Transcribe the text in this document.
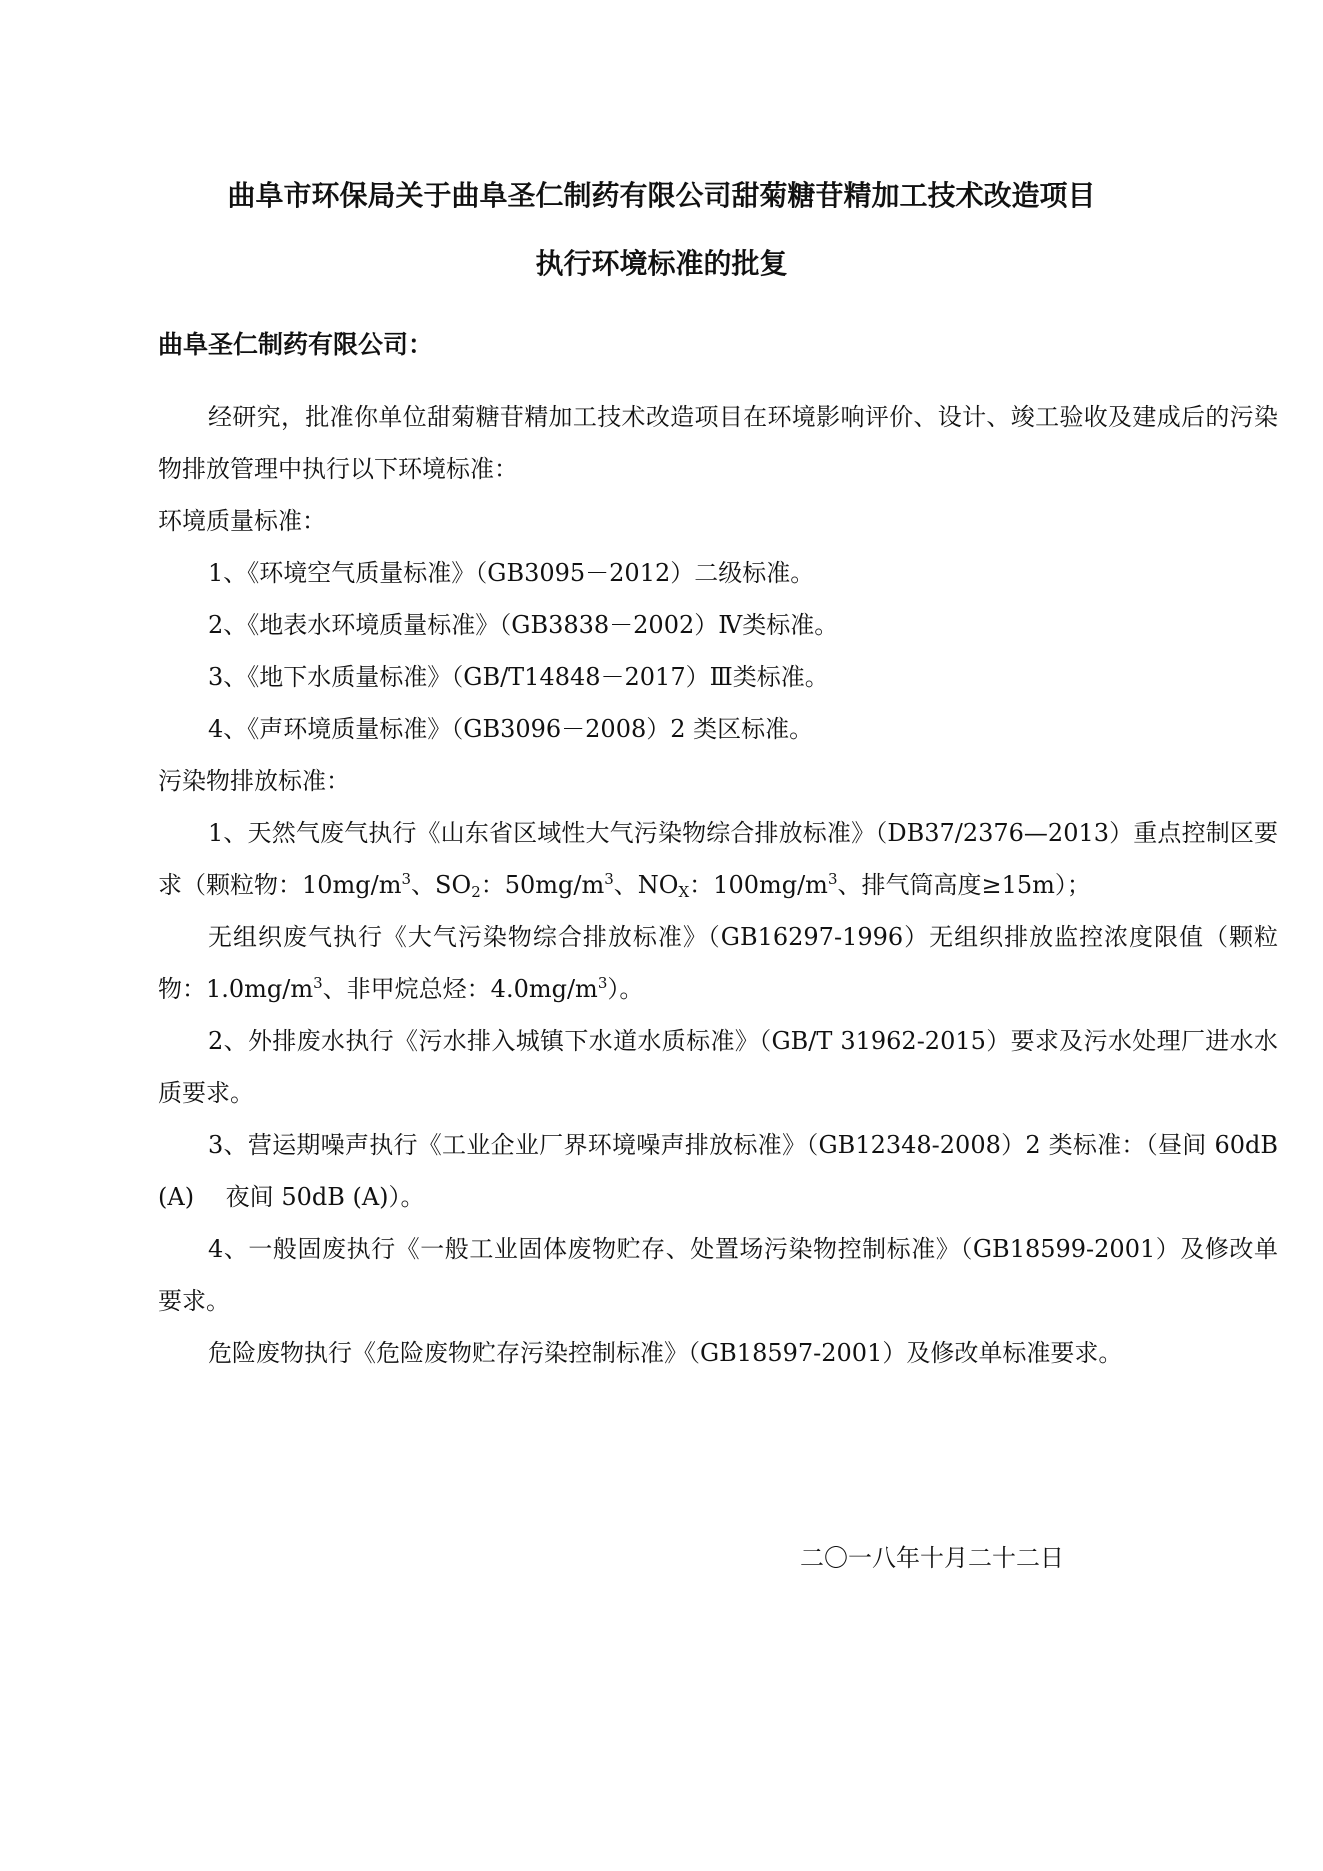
曲阜市环保局关于曲阜圣仁制药有限公司甜菊糖苷精加工技术改造项目
执行环境标准的批复
曲阜圣仁制药有限公司：

经研究，批准你单位甜菊糖苷精加工技术改造项目在环境影响评价、设计、竣工验收及建成后的污染物排放管理中执行以下环境标准：

环境质量标准：

1、《环境空气质量标准》（GB3095－2012）二级标准。

2、《地表水环境质量标准》（GB3838－2002）Ⅳ类标准。

3、《地下水质量标准》（GB/T14848－2017）Ⅲ类标准。

4、《声环境质量标准》（GB3096－2008）2 类区标准。

污染物排放标准：

1、天然气废气执行《山东省区域性大气污染物综合排放标准》（DB37/2376—2013）重点控制区要求（颗粒物：$10mg/m^3$、$SO_2$：$50mg/m^3$、$NO_X$：$100mg/m^3$、排气筒高度≥15m）；

无组织废气执行《大气污染物综合排放标准》（GB16297-1996）无组织排放监控浓度限值（颗粒物：$1.0mg/m^3$、非甲烷总烃：$4.0mg/m^3$）。

2、外排废水执行《污水排入城镇下水道水质标准》（GB/T 31962-2015）要求及污水处理厂进水水质要求。

3、营运期噪声执行《工业企业厂界环境噪声排放标准》（GB12348-2008）2 类标准：（昼间 60dB (A)　 夜间 50dB (A)）。

4、一般固废执行《一般工业固体废物贮存、处置场污染物控制标准》（GB18599-2001）及修改单要求。

危险废物执行《危险废物贮存污染控制标准》（GB18597-2001）及修改单标准要求。

二〇一八年十月二十二日
